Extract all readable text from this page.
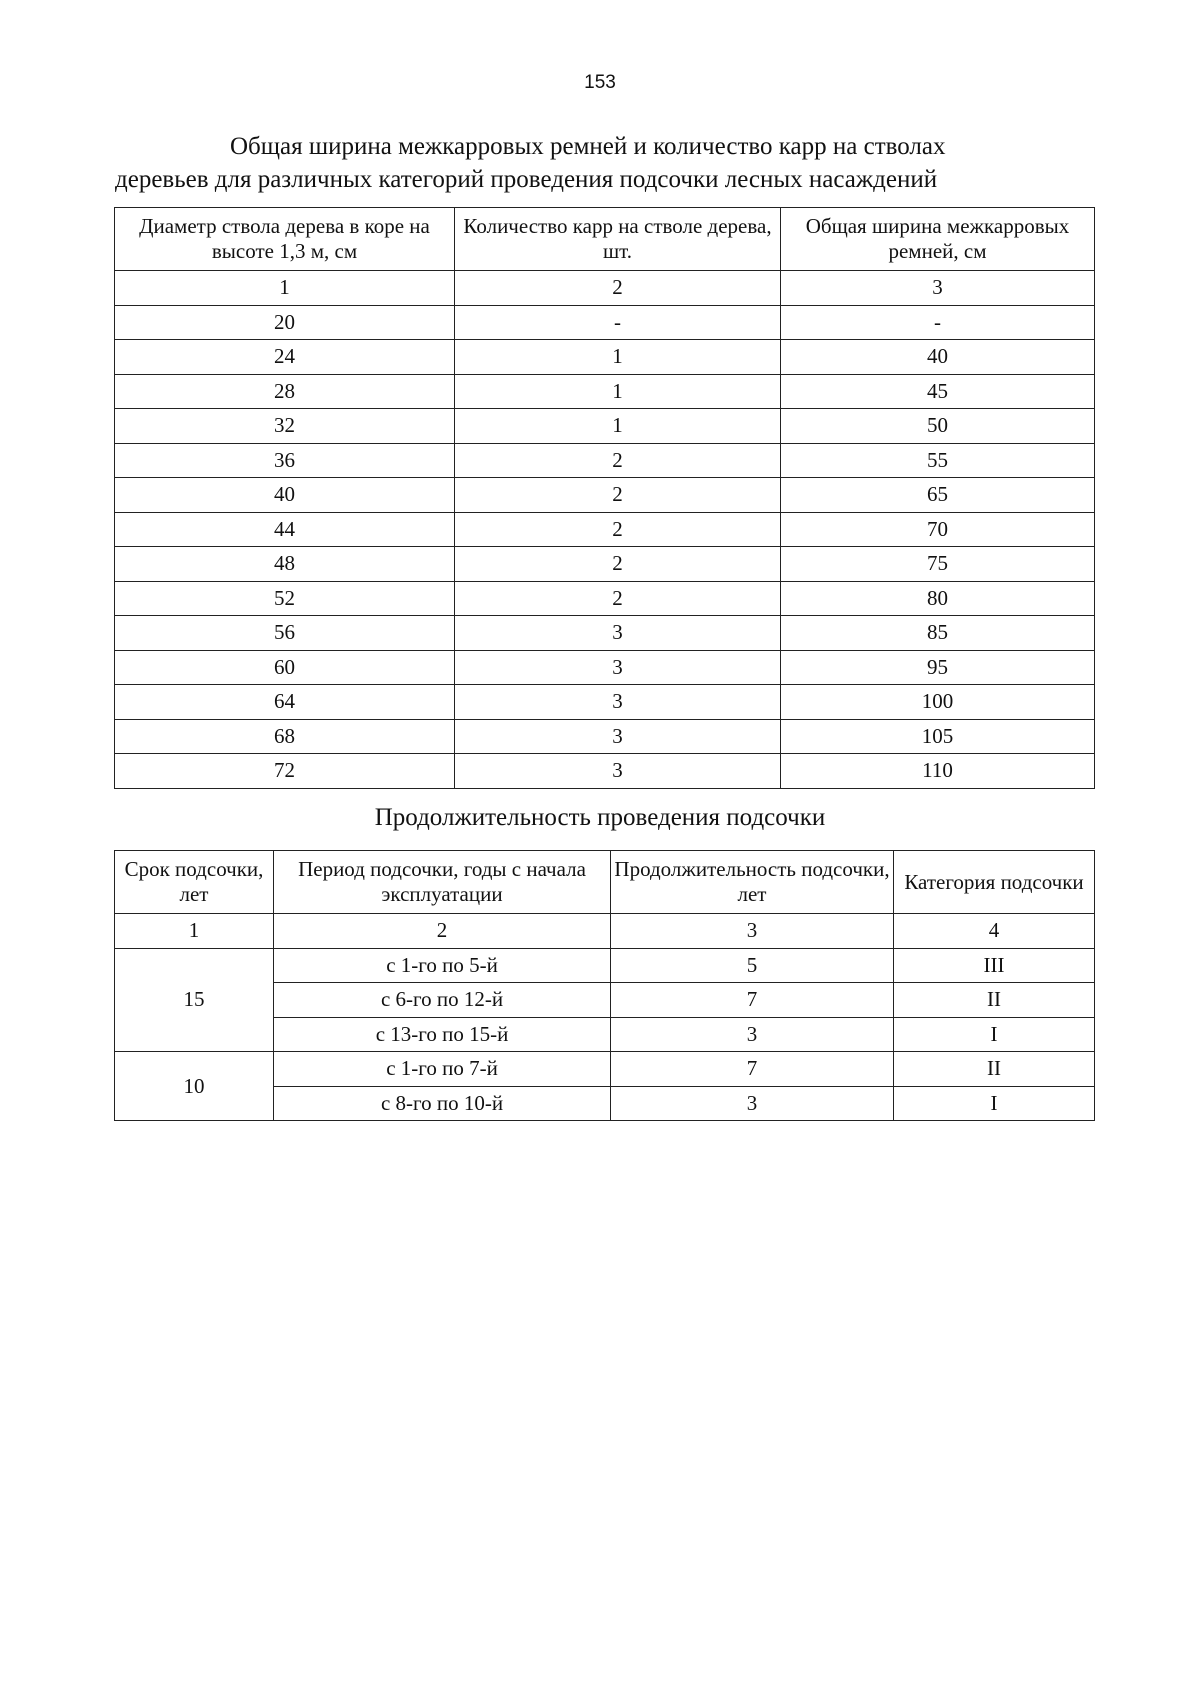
153
Общая ширина межкарровых ремней и количество карр на стволах
деревьев для различных категорий проведения подсочки лесных насаждений
Диаметр ствола дерева в коре на высоте 1,3 м, см	Количество карр на стволе дерева, шт.	Общая ширина межкарровых ремней, см
1	2	3
20	-	-
24	1	40
28	1	45
32	1	50
36	2	55
40	2	65
44	2	70
48	2	75
52	2	80
56	3	85
60	3	95
64	3	100
68	3	105
72	3	110
Продолжительность проведения подсочки
Срок подсочки, лет	Период подсочки, годы с начала эксплуатации	Продолжительность подсочки, лет	Категория подсочки
1	2	3	4
15	с 1-го по 5-й	5	III
	с 6-го по 12-й	7	II
	с 13-го по 15-й	3	I
10	с 1-го по 7-й	7	II
	с 8-го по 10-й	3	I
